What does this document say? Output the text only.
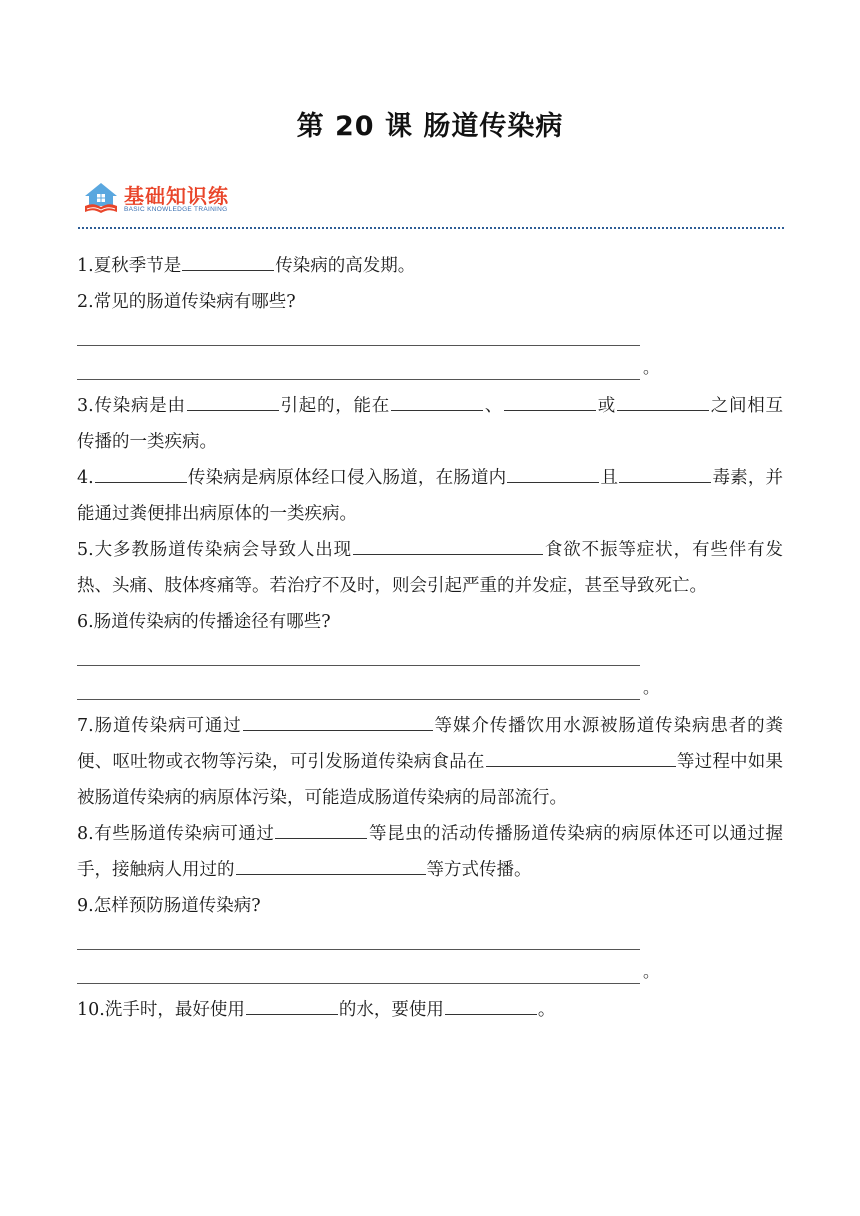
第 20 课 肠道传染病
基础知识练
BASIC KNOWLEDGE TRAINING

1.夏秋季节是	传染病的高发期。

2.常见的肠道传染病有哪些?

。

3.传染病是由	引起的，能在	、	或	之间相互传播的一类疾病。

4.	传染病是病原体经口侵入肠道，在肠道内	且	毒素，并能通过粪便排出病原体的一类疾病。

5.大多教肠道传染病会导致人出现	食欲不振等症状，有些伴有发热、头痛、肢体疼痛等。若治疗不及时，则会引起严重的并发症，甚至导致死亡。

6.肠道传染病的传播途径有哪些?

。

7.肠道传染病可通过	等媒介传播饮用水源被肠道传染病患者的粪便、呕吐物或衣物等污染，可引发肠道传染病食品在	等过程中如果被肠道传染病的病原体污染，可能造成肠道传染病的局部流行。

8.有些肠道传染病可通过	等昆虫的活动传播肠道传染病的病原体还可以通过握手，接触病人用过的	等方式传播。

9.怎样预防肠道传染病?

。

10.洗手时，最好使用	的水，要使用	。
